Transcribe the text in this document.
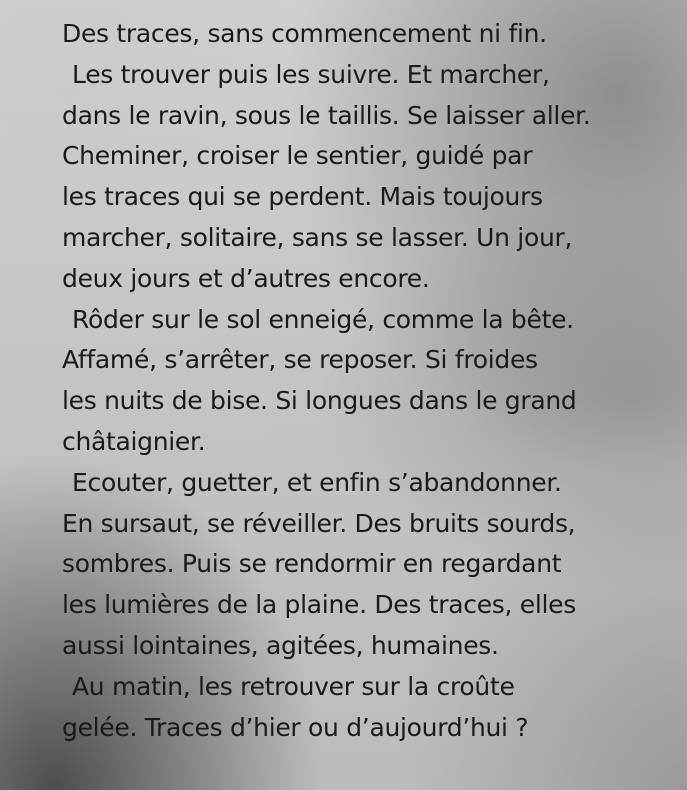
Des traces, sans commencement ni fin.
Les trouver puis les suivre. Et marcher,
dans le ravin, sous le taillis. Se laisser aller.
Cheminer, croiser le sentier, guidé par
les traces qui se perdent. Mais toujours
marcher, solitaire, sans se lasser. Un jour,
deux jours et d’autres encore.
Rôder sur le sol enneigé, comme la bête.
Affamé, s’arrêter, se reposer. Si froides
les nuits de bise. Si longues dans le grand
châtaignier.
Ecouter, guetter, et enfin s’abandonner.
En sursaut, se réveiller. Des bruits sourds,
sombres. Puis se rendormir en regardant
les lumières de la plaine. Des traces, elles
aussi lointaines, agitées, humaines.
Au matin, les retrouver sur la croûte
gelée. Traces d’hier ou d’aujourd’hui ?
